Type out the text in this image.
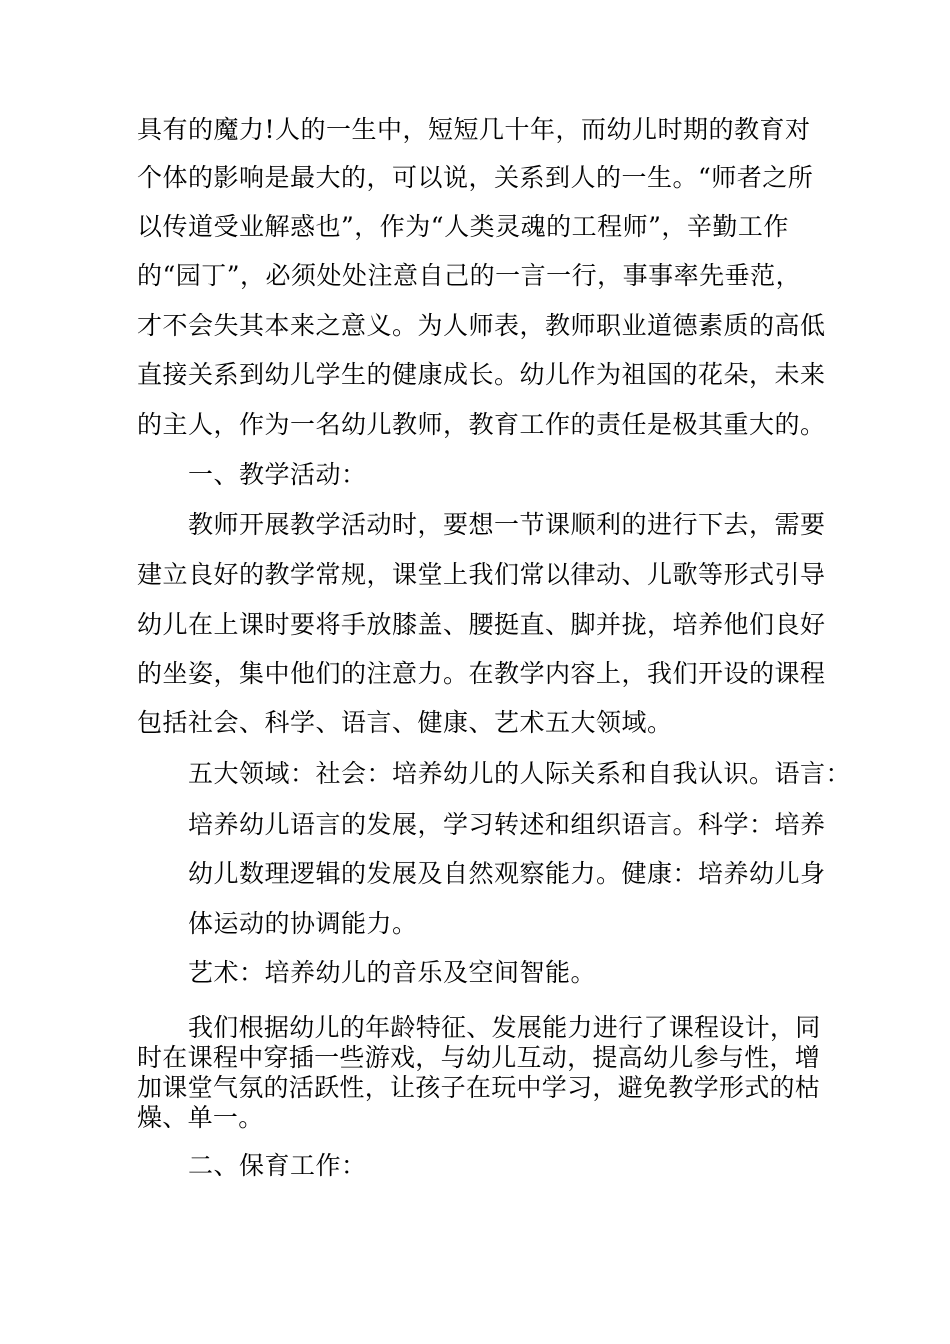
具有的魔力!人的一生中，短短几十年，而幼儿时期的教育对
个体的影响是最大的，可以说，关系到人的一生。“师者之所
以传道受业解惑也”，作为“人类灵魂的工程师”，辛勤工作
的“园丁”，必须处处注意自己的一言一行，事事率先垂范，
才不会失其本来之意义。为人师表，教师职业道德素质的高低
直接关系到幼儿学生的健康成长。幼儿作为祖国的花朵，未来
的主人，作为一名幼儿教师，教育工作的责任是极其重大的。
一、教学活动：
教师开展教学活动时，要想一节课顺利的进行下去，需要
建立良好的教学常规，课堂上我们常以律动、儿歌等形式引导
幼儿在上课时要将手放膝盖、腰挺直、脚并拢，培养他们良好
的坐姿，集中他们的注意力。在教学内容上，我们开设的课程
包括社会、科学、语言、健康、艺术五大领域。
五大领域：社会：培养幼儿的人际关系和自我认识。语言：
培养幼儿语言的发展，学习转述和组织语言。科学：培养
幼儿数理逻辑的发展及自然观察能力。健康：培养幼儿身
体运动的协调能力。
艺术：培养幼儿的音乐及空间智能。
我们根据幼儿的年龄特征、发展能力进行了课程设计，同
时在课程中穿插一些游戏，与幼儿互动，提高幼儿参与性，增
加课堂气氛的活跃性，让孩子在玩中学习，避免教学形式的枯
燥、单一。
二、保育工作：
